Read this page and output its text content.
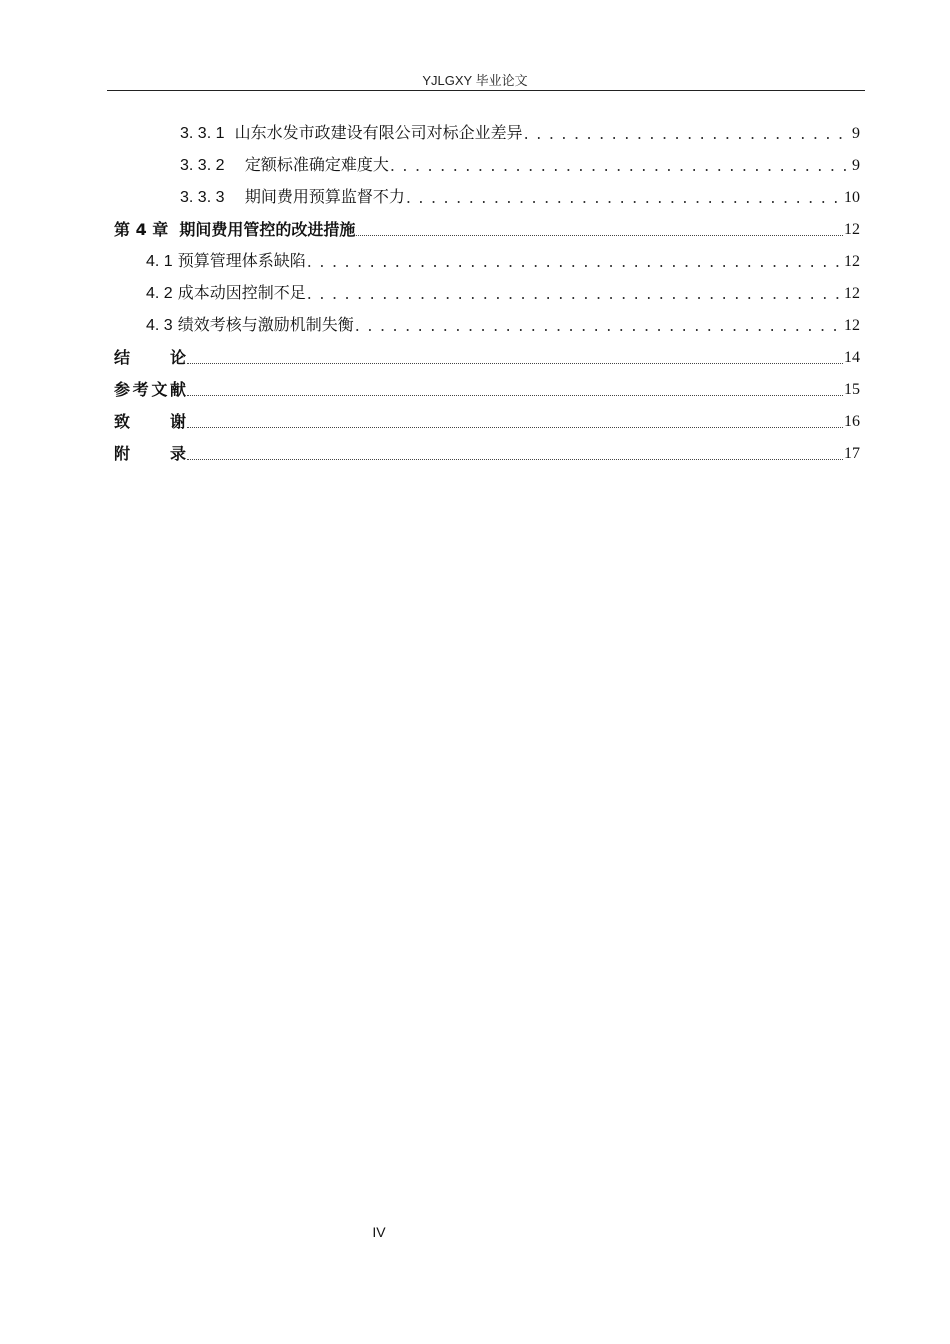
YJLGXY 毕业论文
3. 3. 1 山东水发市政建设有限公司对标企业差异 . . .	9
3. 3. 2 定额标准确定难度大 . . .	9
3. 3. 3 期间费用预算监督不力 . . .	10
第 4 章 期间费用管控的改进措施	12
4. 1 预算管理体系缺陷 . . .	12
4. 2 成本动因控制不足 . . .	12
4. 3 绩效考核与激励机制失衡 . . .	12
结　论	14
参考文献	15
致　谢	16
附　录	17
IV
